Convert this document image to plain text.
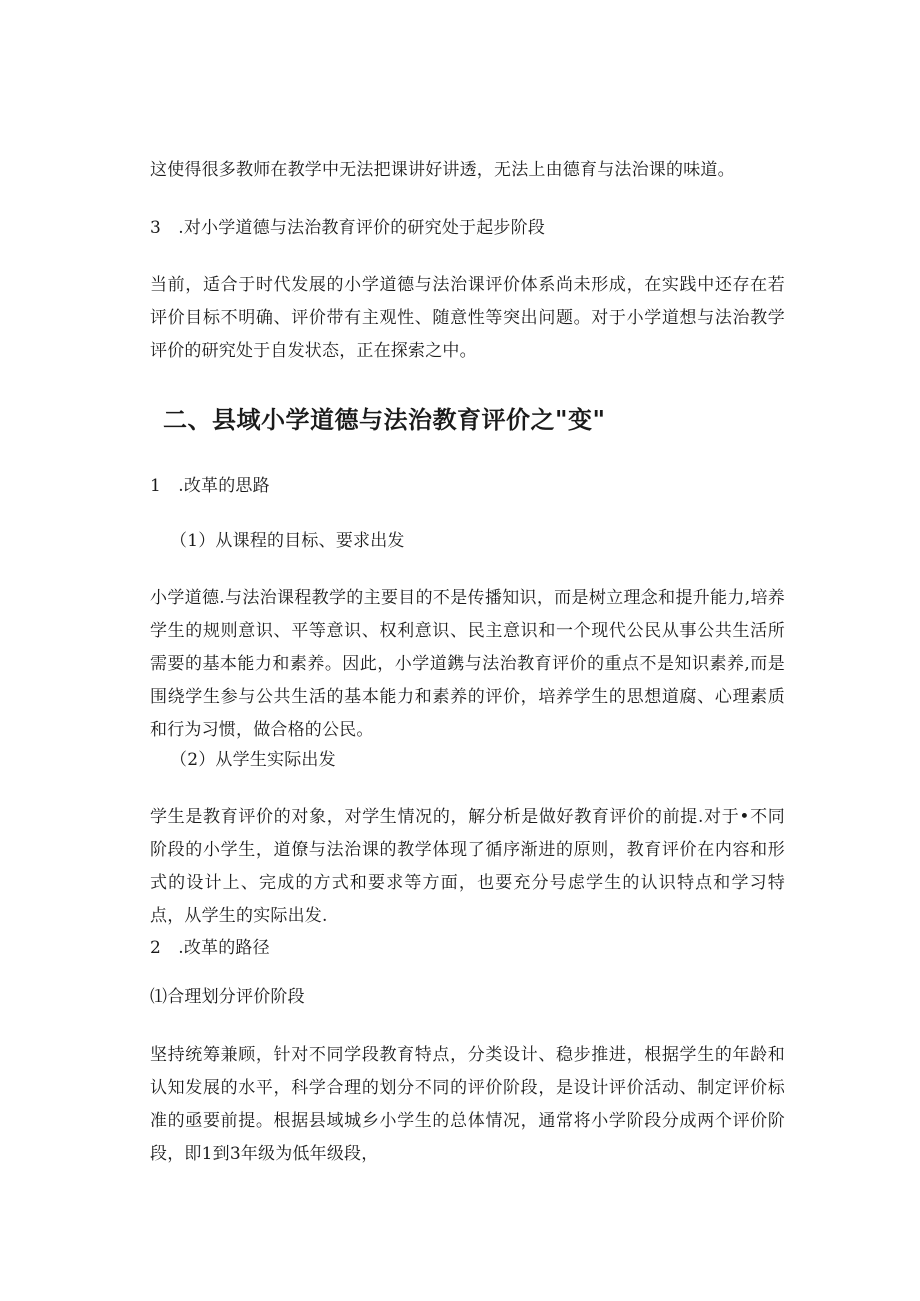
这使得很多教师在教学中无法把课讲好讲透，无法上由德育与法治课的味道。

3　.对小学道德与法治教育评价的研究处于起步阶段

当前，适合于时代发展的小学道德与法治课评价体系尚未形成，在实践中还存在若评价目标不明确、评价带有主观性、随意性等突出问题。对于小学道想与法治教学评价的研究处于自发状态，正在探索之中。

二、县域小学道德与法治教育评价之"变"

1　.改革的思路

（1）从课程的目标、要求出发

小学道德.与法治课程教学的主要目的不是传播知识，而是树立理念和提升能力,培养学生的规则意识、平等意识、权利意识、民主意识和一个现代公民从事公共生活所需要的基本能力和素养。因此，小学道鎸与法治教育评价的重点不是知识素养,而是围绕学生参与公共生活的基本能力和素养的评价，培养学生的思想道腐、心理素质和行为习惯，做合格的公民。

（2）从学生实际出发

学生是教育评价的对象，对学生情况的，解分析是做好教育评价的前提.对于•不同阶段的小学生，道僚与法治课的教学体现了循序渐进的原则，教育评价在内容和形式的设计上、完成的方式和要求等方面，也要充分号虑学生的认识特点和学习特点，从学生的实际出发.

2　.改革的路径

⑴合理划分评价阶段

坚持统筹兼顾，针对不同学段教育特点，分类设计、稳步推进，根据学生的年龄和认知发展的水平，科学合理的划分不同的评价阶段，是设计评价活动、制定评价标准的亟要前提。根据县域城乡小学生的总体情况，通常将小学阶段分成两个评价阶段，即1到3年级为低年级段，
